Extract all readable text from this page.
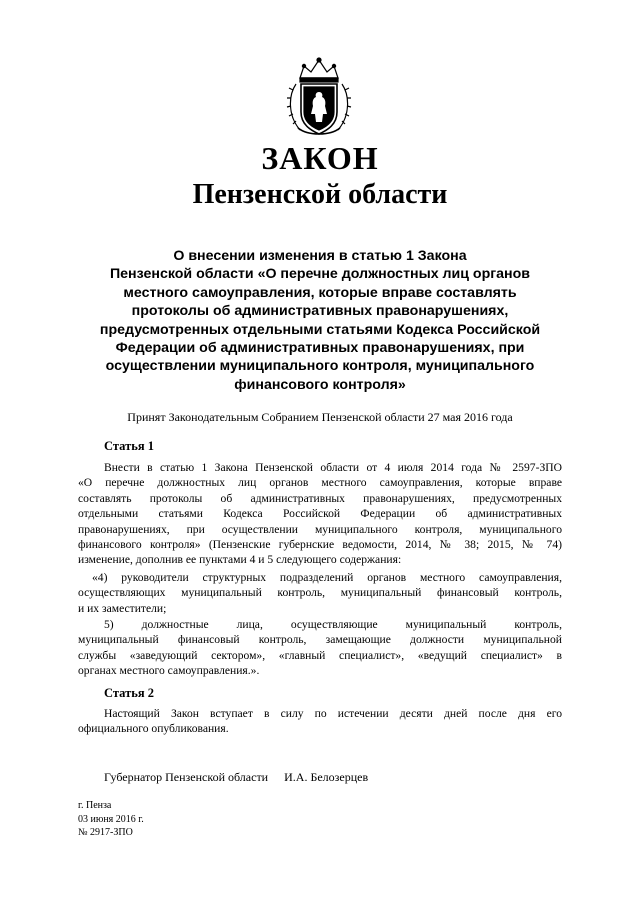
ЗАКОН
Пензенской области
О внесении изменения в статью 1 Закона
Пензенской области «О перечне должностных лиц органов
местного самоуправления, которые вправе составлять
протоколы об административных правонарушениях,
предусмотренных отдельными статьями Кодекса Российской
Федерации об административных правонарушениях, при
осуществлении муниципального контроля, муниципального
финансового контроля»
Принят Законодательным Собранием Пензенской области 27 мая 2016 года
Статья 1
Внести в статью 1 Закона Пензенской области от 4 июля 2014 года № 2597-ЗПО
«О перечне должностных лиц органов местного самоуправления, которые вправе
составлять протоколы об административных правонарушениях, предусмотренных
отдельными статьями Кодекса Российской Федерации об административных
правонарушениях, при осуществлении муниципального контроля, муниципального
финансового контроля» (Пензенские губернские ведомости, 2014, № 38; 2015, № 74)
изменение, дополнив ее пунктами 4 и 5 следующего содержания:
«4) руководители структурных подразделений органов местного самоуправления,
осуществляющих муниципальный контроль, муниципальный финансовый контроль,
и их заместители;
5) должностные лица, осуществляющие муниципальный контроль,
муниципальный финансовый контроль, замещающие должности муниципальной
службы «заведующий сектором», «главный специалист», «ведущий специалист» в
органах местного самоуправления.».
Статья 2
Настоящий Закон вступает в силу по истечении десяти дней после дня его
официального опубликования.
Губернатор Пензенской области И.А. Белозерцев
г. Пенза
03 июня 2016 г.
№ 2917-ЗПО
